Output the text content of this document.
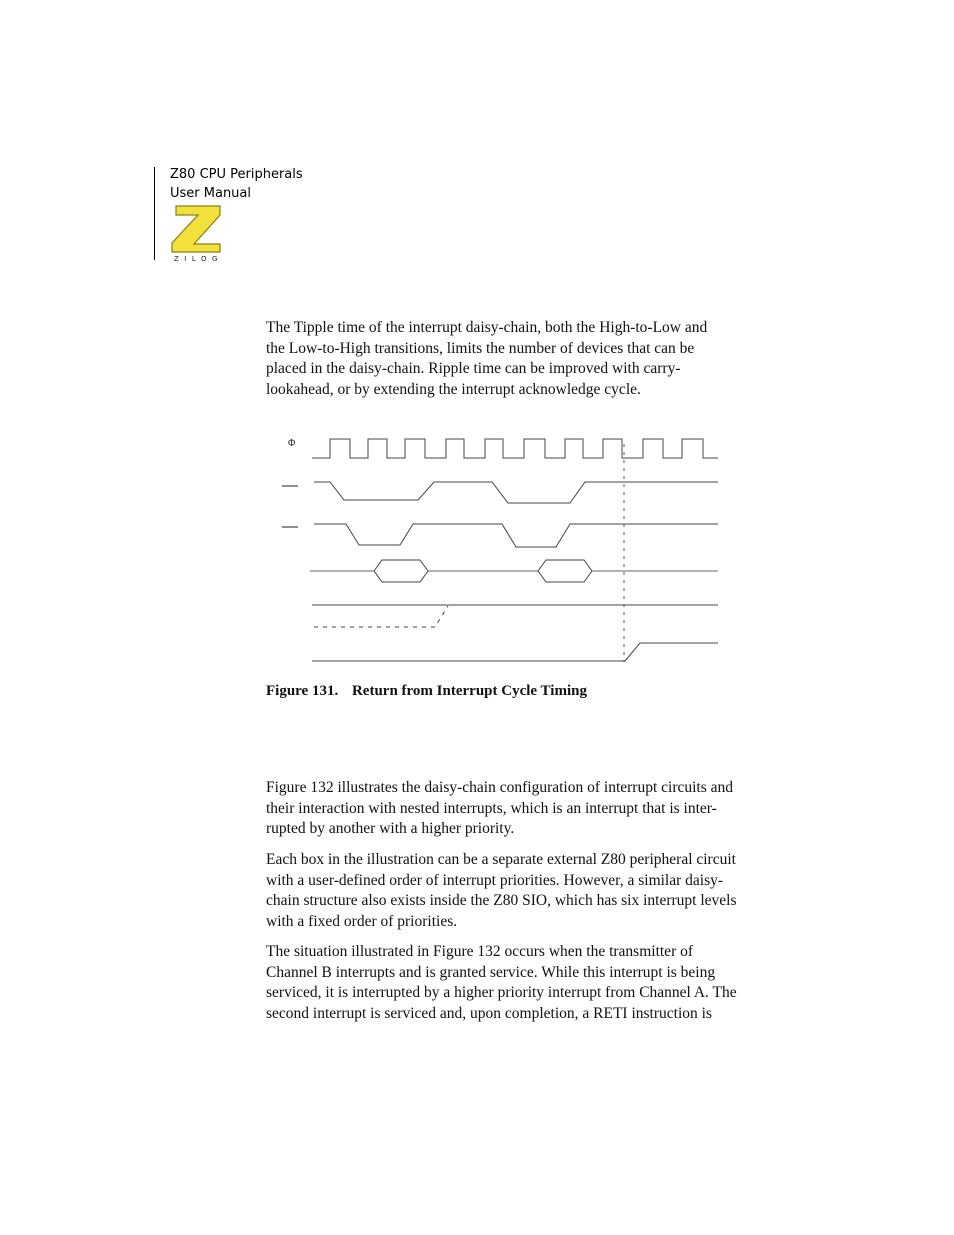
Z80 CPU Peripherals
User Manual
ZILOG
The Tipple time of the interrupt daisy-chain, both the High-to-Low and
the Low-to-High transitions, limits the number of devices that can be
placed in the daisy-chain. Ripple time can be improved with carry-
lookahead, or by extending the interrupt acknowledge cycle.
Φ
Figure 131. Return from Interrupt Cycle Timing
Figure 132 illustrates the daisy-chain configuration of interrupt circuits and
their interaction with nested interrupts, which is an interrupt that is inter-
rupted by another with a higher priority.
Each box in the illustration can be a separate external Z80 peripheral circuit
with a user-defined order of interrupt priorities. However, a similar daisy-
chain structure also exists inside the Z80 SIO, which has six interrupt levels
with a fixed order of priorities.
The situation illustrated in Figure 132 occurs when the transmitter of
Channel B interrupts and is granted service. While this interrupt is being
serviced, it is interrupted by a higher priority interrupt from Channel A. The
second interrupt is serviced and, upon completion, a RETI instruction is
